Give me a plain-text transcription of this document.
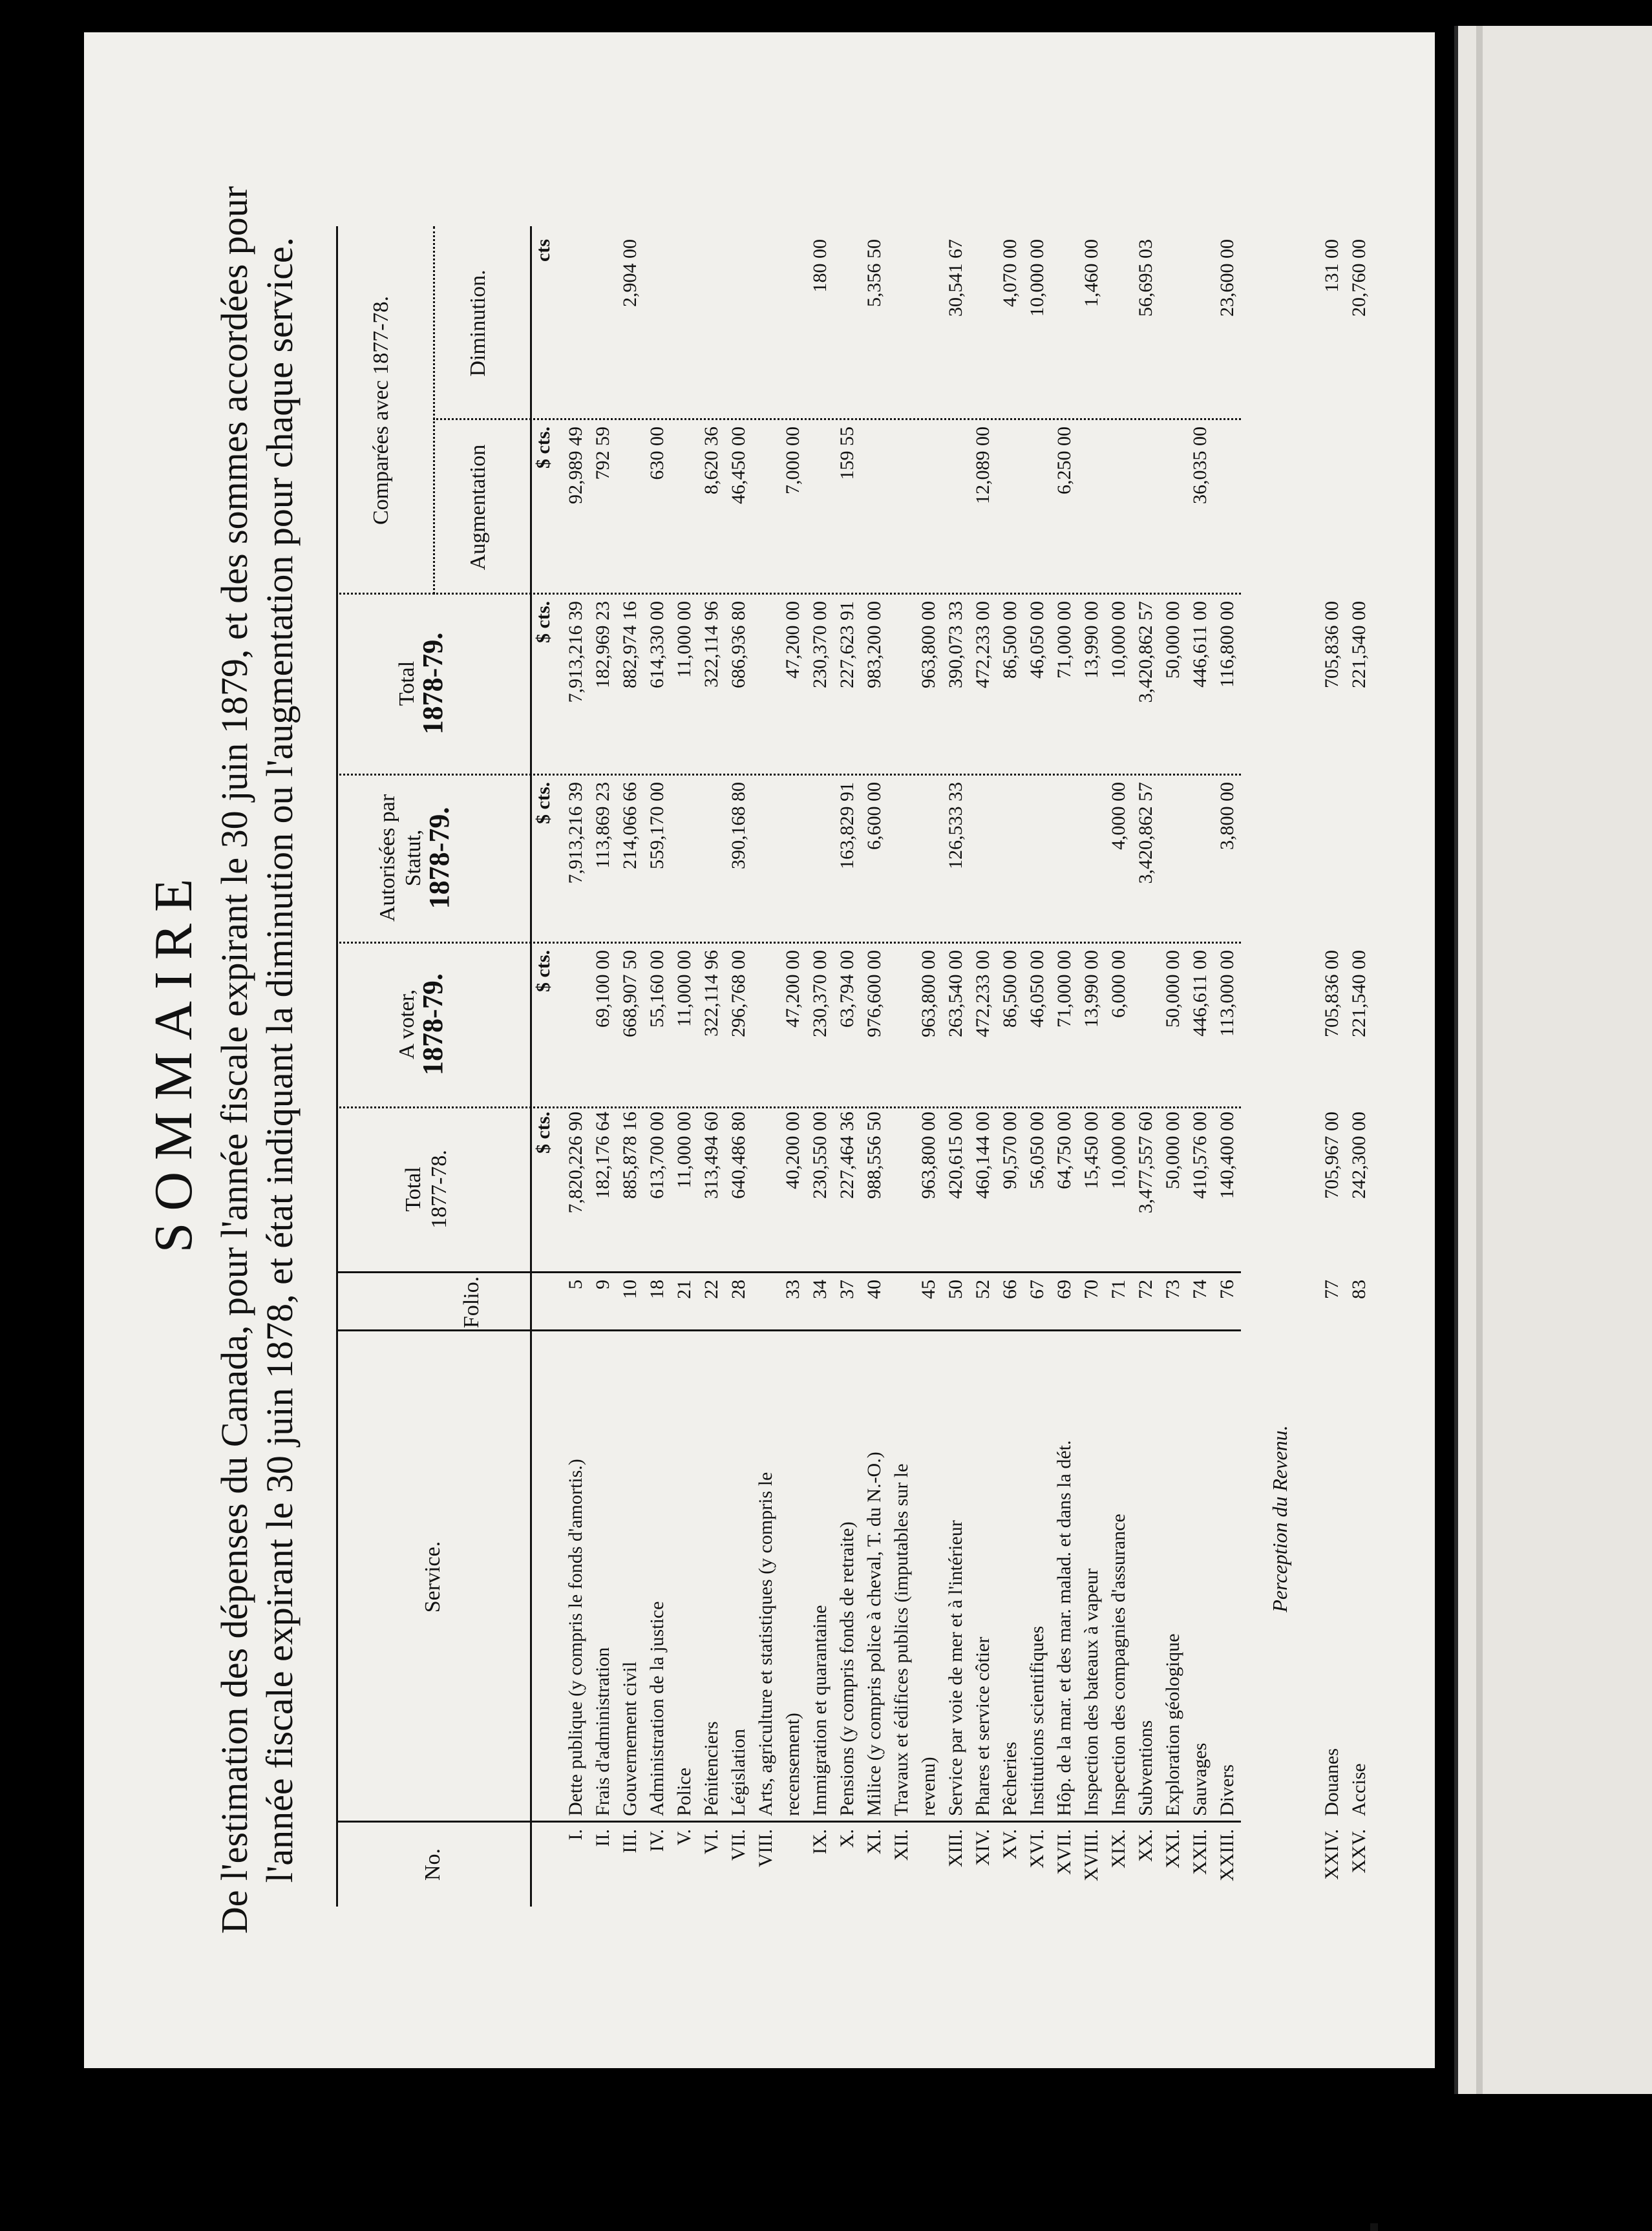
SOMMAIRE De l'estimation des dépenses du Canada, pour l'année fiscale expirant le 30 juin 1879, et des sommes accordées pour l'année fiscale expirant le 30 juin 1878, et état indiquant la diminution ou l'augmentation pour chaque service.	No.
Service.
Folio.
Total 1877-78.
A voter,
1878-79.
Autorisées par Statut,
1878-79.
Total
1878-79.
Comparées avec 1877-78.	Augmentation
Diminution.
$ cts.
$ cts.
$ cts.
$ cts.
$ cts.
cts
I.
Dette publique (y compris le fonds d'amortis.)
5
7,820,226 90
7,913,216 39
7,913,216 39
92,989 49
II.
Frais d'administration
9
182,176 64
69,100 00
113,869 23
182,969 23
792 59
III.
Gouvernement civil
10
885,878 16
668,907 50
214,066 66
882,974 16
2,904 00
IV.
Administration de la justice
18
613,700 00
55,160 00
559,170 00
614,330 00
630 00
V.
Police
21
11,000 00
11,000 00
11,000 00
VI.
Pénitenciers
22
313,494 60
322,114 96
322,114 96
8,620 36
VII.
Législation
28
640,486 80
296,768 00
390,168 80
686,936 80
46,450 00
VIII.
Arts, agriculture et statistiques (y compris le recensement)
33
40,200 00
47,200 00
47,200 00
7,000 00
IX.
Immigration et quarantaine
34
230,550 00
230,370 00
230,370 00
180 00
X.
Pensions (y compris fonds de retraite)
37
227,464 36
63,794 00
163,829 91
227,623 91
159 55
XI.
Milice (y compris police à cheval, T. du N.-O.)
40
988,556 50
976,600 00
6,600 00
983,200 00
5,356 50
XII.
Travaux et édifices publics (imputables sur le revenu)
45
963,800 00
963,800 00
963,800 00
XIII.
Service par voie de mer et à l'intérieur
50
420,615 00
263,540 00
126,533 33
390,073 33
30,541 67
XIV.
Phares et service côtier
52
460,144 00
472,233 00
472,233 00
12,089 00
XV.
Pêcheries
66
90,570 00
86,500 00
86,500 00
4,070 00
XVI.
Institutions scientifiques
67
56,050 00
46,050 00
46,050 00
10,000 00
XVII.
Hôp. de la mar. et des mar. malad. et dans la dét.
69
64,750 00
71,000 00
71,000 00
6,250 00
XVIII.
Inspection des bateaux à vapeur
70
15,450 00
13,990 00
13,990 00
1,460 00
XIX.
Inspection des compagnies d'assurance
71
10,000 00
6,000 00
4,000 00
10,000 00
XX.
Subventions
72
3,477,557 60
3,420,862 57
3,420,862 57
56,695 03
XXI.
Exploration géologique
73
50,000 00
50,000 00
50,000 00
XXII.
Sauvages
74
410,576 00
446,611 00
446,611 00
36,035 00
XXIII.
Divers
76
140,400 00
113,000 00
3,800 00
116,800 00
23,600 00
Perception du Revenu.
XXIV.
Douanes
77
705,967 00
705,836 00
705,836 00
131 00
XXV.
Accise
83
242,300 00
221,540 00
221,540 00
20,760 00
